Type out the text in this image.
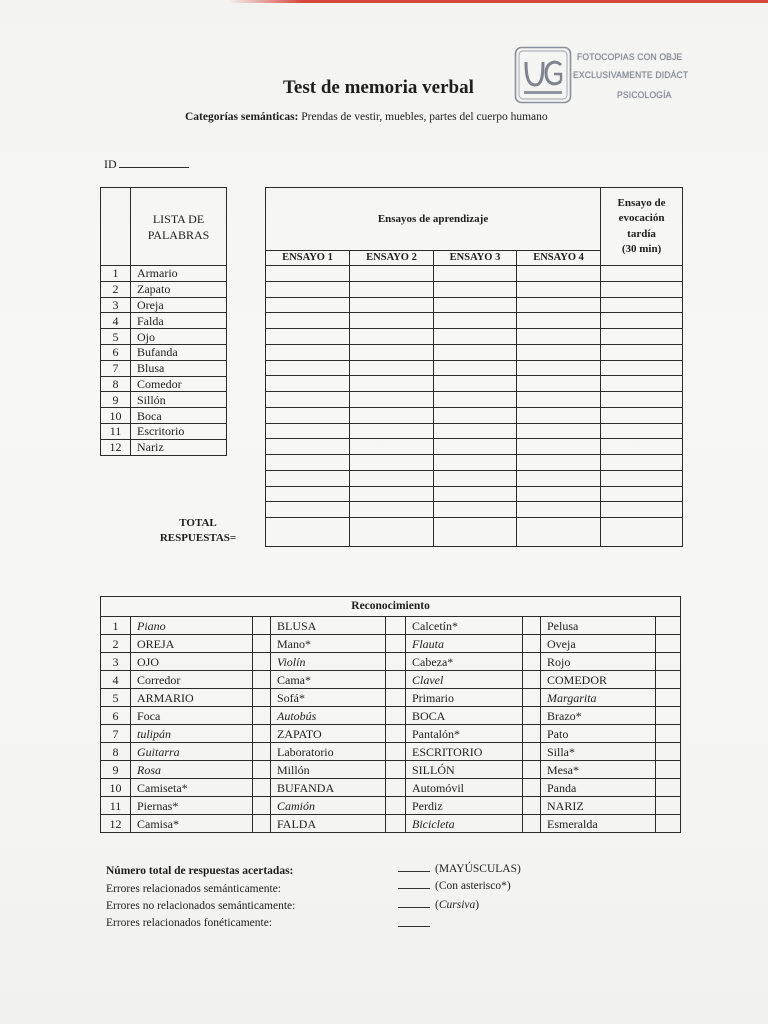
FOTOCOPIAS CON OBJE
EXCLUSIVAMENTE DIDÁCT
PSICOLOGÍA
Test de memoria verbal
Categorías semánticas: Prendas de vestir, muebles, partes del cuerpo humano
ID

	LISTA DE
PALABRAS

1	Armario
2	Zapato
3	Oreja
4	Falda
5	Ojo
6	Bufanda
7	Blusa
8	Comedor
9	Sillón
10	Boca
11	Escritorio
12	Nariz
Ensayos de aprendizaje				Ensayo de
evocación
tardía
(30 min)

ENSAYO 1	ENSAYO 2	ENSAYO 3	ENSAYO 4	

TOTAL
RESPUESTAS=
Reconocimiento								
1	Piano		BLUSA		Calcetín*		Pelusa	
2	OREJA		Mano*		Flauta		Oveja	
3	OJO		Violín		Cabeza*		Rojo	
4	Corredor		Cama*		Clavel		COMEDOR	
5	ARMARIO		Sofá*		Primario		Margarita	
6	Foca		Autobús		BOCA		Brazo*	
7	tulipán		ZAPATO		Pantalón*		Pato	
8	Guitarra		Laboratorio		ESCRITORIO		Silla*	
9	Rosa		Millón		SILLÓN		Mesa*	
10	Camiseta*		BUFANDA		Automóvil		Panda	
11	Piernas*		Camión		Perdiz		NARIZ	
12	Camisa*		FALDA		Bicicleta		Esmeralda	
Número total de respuestas acertadas:
Errores relacionados semánticamente:
Errores no relacionados semánticamente:
Errores relacionados fonéticamente:
(MAYÚSCULAS)
(Con asterisco*)
(Cursiva)
